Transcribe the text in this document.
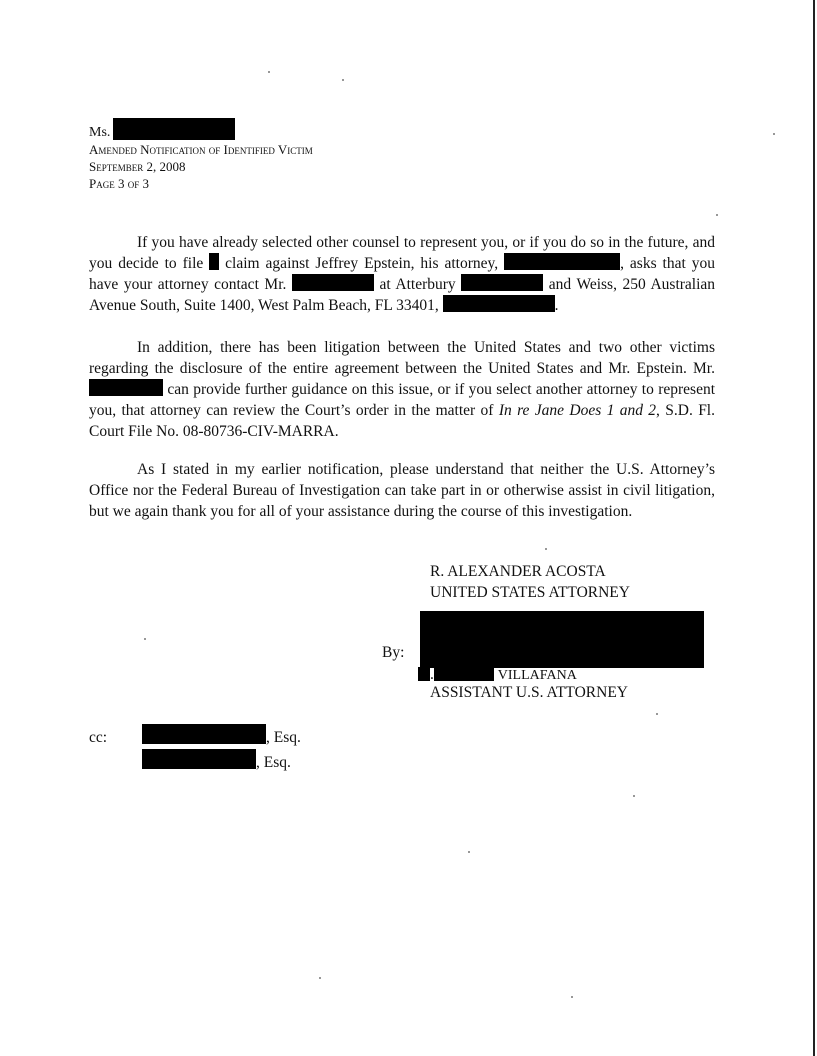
Ms.
Amended Notification of Identified Victim
September 2, 2008
Page 3 of 3

If you have already selected other counsel to represent you, or if you do so in the future, and you decide to file claim against Jeffrey Epstein, his attorney,	, asks that you have your attorney contact Mr.	at Atterbury	and Weiss, 250 Australian Avenue South, Suite 1400, West Palm Beach, FL 33401,	.

In addition, there has been litigation between the United States and two other victims regarding the disclosure of the entire agreement between the United States and Mr. Epstein. Mr.  can provide further guidance on this issue, or if you select another attorney to represent you, that attorney can review the Court’s order in the matter of In re Jane Does 1 and 2, S.D. Fl. Court File No. 08-80736-CIV-MARRA.

As I stated in my earlier notification, please understand that neither the U.S. Attorney’s Office nor the Federal Bureau of Investigation can take part in or otherwise assist in civil litigation, but we again thank you for all of your assistance during the course of this investigation.

R. ALEXANDER ACOSTA
UNITED STATES ATTORNEY
By:
.	VILLAFANA
ASSISTANT U.S. ATTORNEY
cc:	, Esq.
, Esq.
